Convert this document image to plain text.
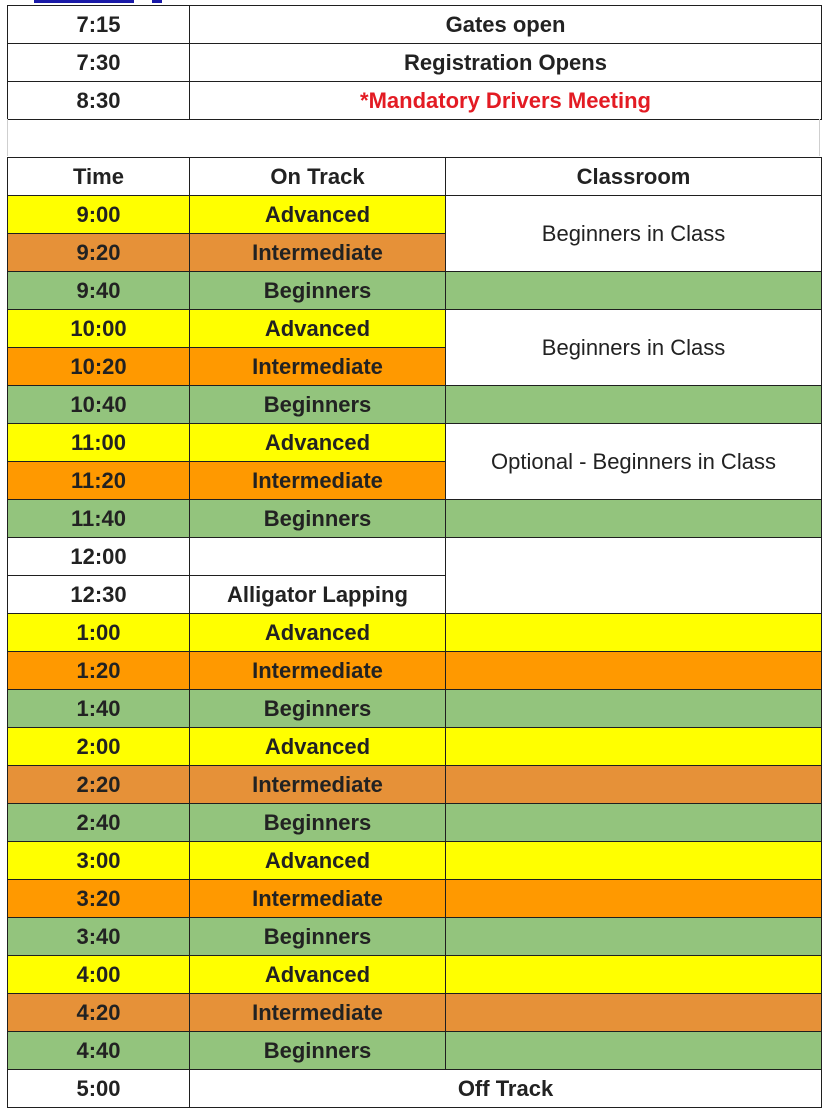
7:15	Gates open
7:30	Registration Opens
8:30	*Mandatory Drivers Meeting
Time	On Track	Classroom
9:00	Advanced	Beginners in Class
9:20	Intermediate	
9:40	Beginners	
10:00	Advanced	Beginners in Class
10:20	Intermediate	
10:40	Beginners	
11:00	Advanced	Optional - Beginners in Class
11:20	Intermediate	
11:40	Beginners	
12:00		
12:30	Alligator Lapping	
1:00	Advanced	
1:20	Intermediate	
1:40	Beginners	
2:00	Advanced	
2:20	Intermediate	
2:40	Beginners	
3:00	Advanced	
3:20	Intermediate	
3:40	Beginners	
4:00	Advanced	
4:20	Intermediate	
4:40	Beginners	
5:00	Off Track	
